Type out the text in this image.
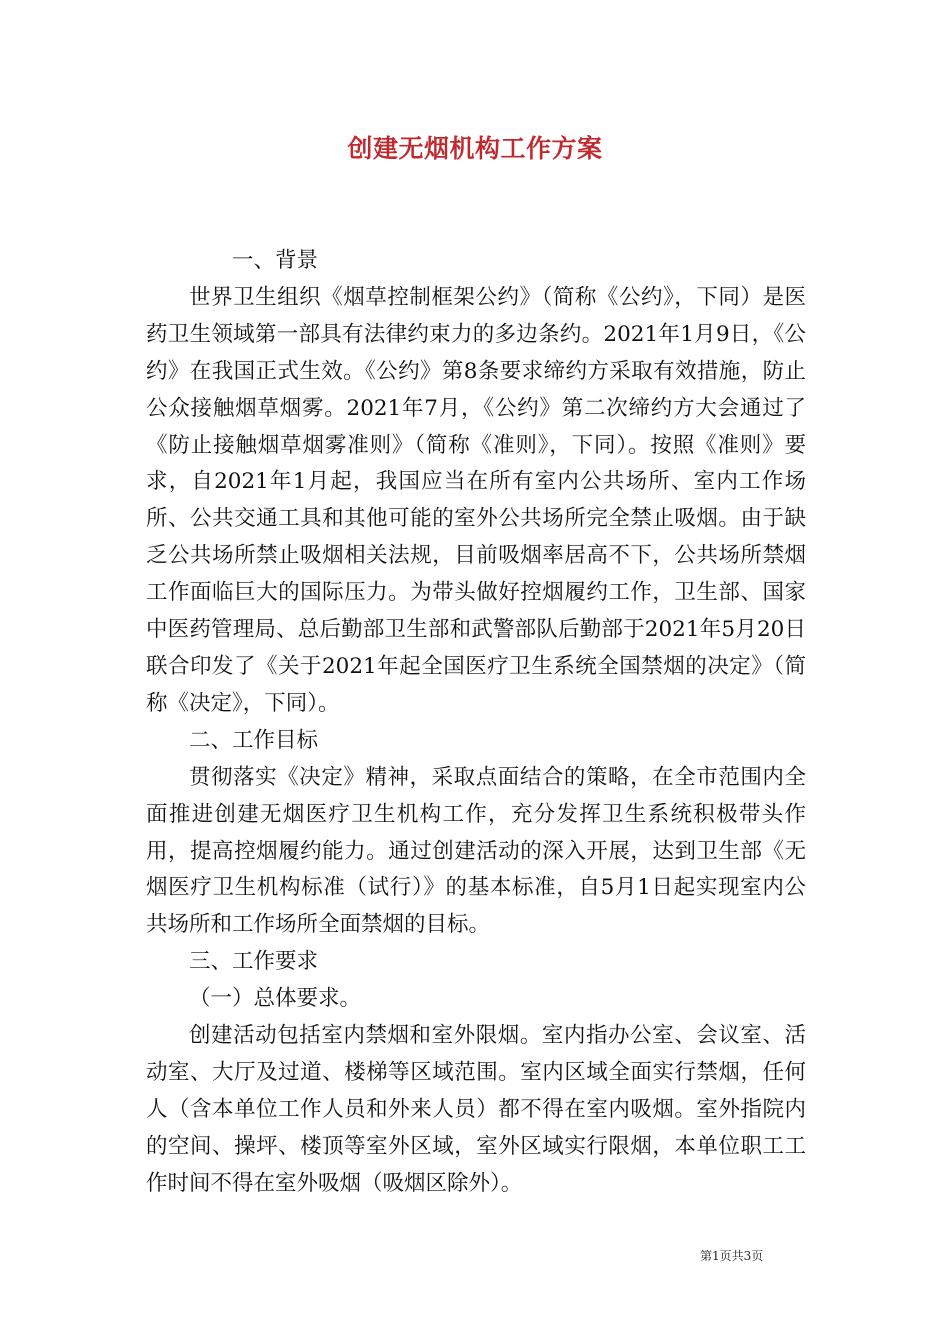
创建无烟机构工作方案

一、背景

世界卫生组织《烟草控制框架公约》（简称《公约》，下同）是医药卫生领域第一部具有法律约束力的多边条约。2021年1月9日，《公约》在我国正式生效。《公约》第8条要求缔约方采取有效措施，防止公众接触烟草烟雾。2021年7月，《公约》第二次缔约方大会通过了《防止接触烟草烟雾准则》（简称《准则》，下同）。按照《准则》要求，自2021年1月起，我国应当在所有室内公共场所、室内工作场所、公共交通工具和其他可能的室外公共场所完全禁止吸烟。由于缺乏公共场所禁止吸烟相关法规，目前吸烟率居高不下，公共场所禁烟工作面临巨大的国际压力。为带头做好控烟履约工作，卫生部、国家中医药管理局、总后勤部卫生部和武警部队后勤部于2021年5月20日联合印发了《关于2021年起全国医疗卫生系统全国禁烟的决定》（简称《决定》，下同）。

二、工作目标

贯彻落实《决定》精神，采取点面结合的策略，在全市范围内全面推进创建无烟医疗卫生机构工作，充分发挥卫生系统积极带头作用，提高控烟履约能力。通过创建活动的深入开展，达到卫生部《无烟医疗卫生机构标准（试行）》的基本标准，自5月1日起实现室内公共场所和工作场所全面禁烟的目标。

三、工作要求

（一）总体要求。

创建活动包括室内禁烟和室外限烟。室内指办公室、会议室、活动室、大厅及过道、楼梯等区域范围。室内区域全面实行禁烟，任何人（含本单位工作人员和外来人员）都不得在室内吸烟。室外指院内的空间、操坪、楼顶等室外区域，室外区域实行限烟，本单位职工工作时间不得在室外吸烟（吸烟区除外）。

第1页共3页
